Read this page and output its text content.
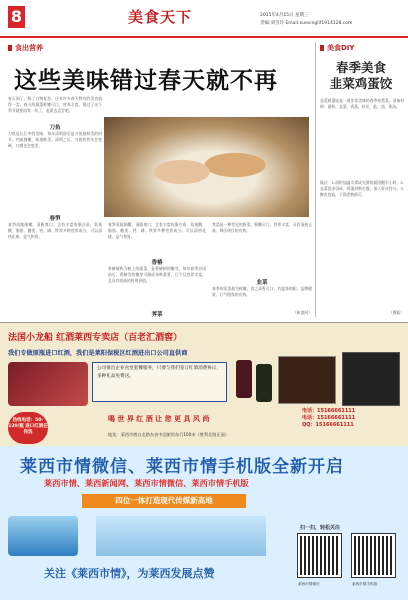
8	美食天下	2015年4月15日 星期三
责编:刘雪玲 Email:xuexinglif1914128.com
食出营养
这些美味错过春天就不再
春天到了，除了万物复苏，还有许多春天特有的美食值得一尝。春天的蔬菜鲜嫩可口，营养丰富，错过了这个季节就要再等一年了，赶紧去尝尝吧。
刀鱼
刀鱼是长江中的美味，每年清明前后是刀鱼最鲜美的时节，肉质细嫩，味道鲜美。清明之后，刀鱼的骨头会变硬，口感也会变差。
春笋
春笋质地细嫩，清脆爽口，含有丰富的蛋白质、氨基酸、脂肪、糖类、钙、磷、铁等多种营养成分，可以清热化痰、益气和胃。
春笋质地细嫩，清脆爽口，含有丰富的蛋白质、氨基酸、脂肪、糖类、钙、磷、铁等多种营养成分，可以清热化痰、益气和胃。
香椿
香椿被称为树上的蔬菜，是香椿树的嫩芽。每年春季谷雨前后，香椿发的嫩芽可做成各种菜肴，它不仅营养丰富，且具有较高的药用价值。
荠菜
荠菜是一种常见的野菜，鲜嫩可口，营养丰富，具有清热止血、降压明目的功效。
韭菜
春季的韭菜最为鲜嫩，食之清香可口，有温肾助阳、益脾健胃、行气理血的功效。
（新浪网）
美食DIY
春季美食
韭菜鸡蛋饺
韭菜鸡蛋饺是一道非常美味的春季家常菜。准备材料：面粉、韭菜、鸡蛋、虾皮、盐、油、香油。
做法：1.面粉加温水揉成光滑的面团醒半小时。2.韭菜洗净切碎，鸡蛋炒熟打散，加入虾皮拌匀。3.擀皮包馅，下锅煮熟即可。
（搜狐）
法国小龙船 红酒莱西专卖店（百老汇酒窖）
我们专做原瓶进口红酒，我们是莱阳保税区红酒进出口公司直供商
公司推出企业食堂套餐服务，只要与我们签订红酒消费协议，多种礼品免费送。
热线电话：50-120/瓶 进口红酒任你选
喝 世 界 红 酒 让 您 更 具 风 尚
地址：莱西市烟台北路东首中国旅馆东行100米（胜利北路正面）
电话：15166661111
电话：15166661111
QQ：15166661111
莱西市情微信、莱西市情手机版全新开启
莱西市情、莱西新闻网、莱西市情微信、莱西市情手机版
四位一体打造现代传媒新高地
扫一扫，轻松关注
莱西市情微信	莱西市情手机版
关注《莱西市情》，为莱西发展点赞
